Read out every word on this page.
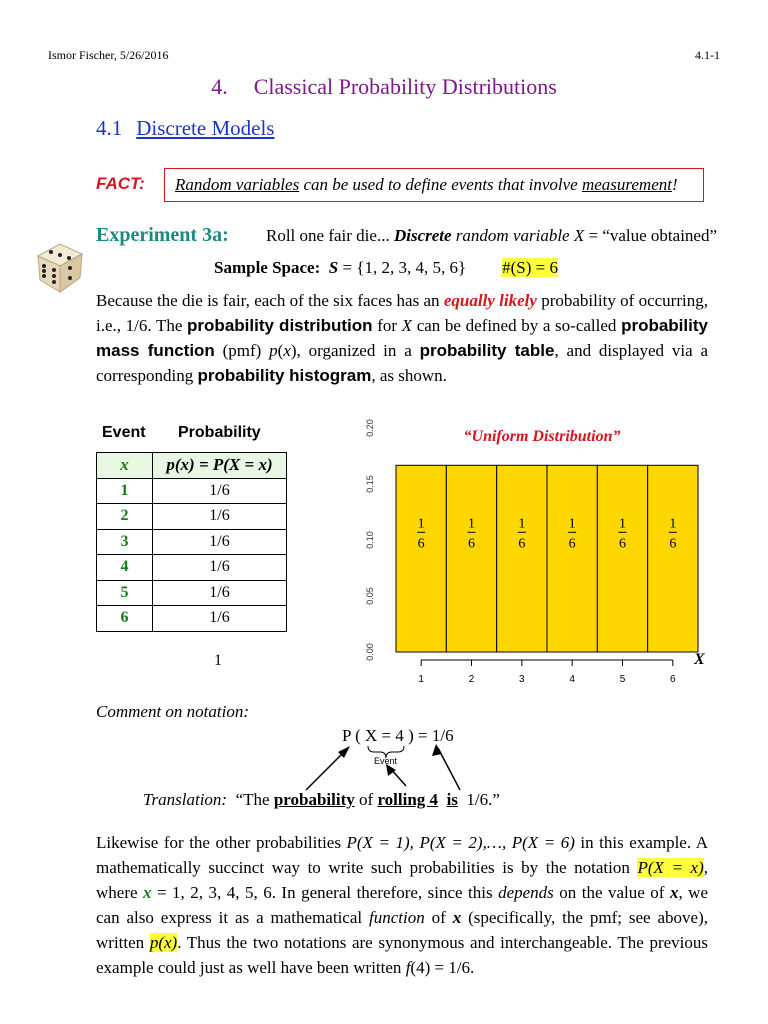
Ismor Fischer, 5/26/2016	4.1-1
4. Classical Probability Distributions
4.1 Discrete Models
FACT:	Random variables can be used to define events that involve measurement!
Experiment 3a: Roll one fair die... Discrete random variable X = “value obtained”
Sample Space: S = {1, 2, 3, 4, 5, 6} #(S) = 6
Because the die is fair, each of the six faces has an equally likely probability of occurring, i.e., 1/6. The probability distribution for X can be defined by a so-called probability mass function (pmf) p(x), organized in a probability table, and displayed via a corresponding probability histogram, as shown.
Event Probability
x	p(x) = P(X = x)
1	1/6
2	1/6
3	1/6
4	1/6
5	1/6
6	1/6
1
“Uniform Distribution”
0.00
0.05
0.10
0.15
0.20
1
6
1
6
1
6
1
6
1
6
1
6
1	2	3	4	5	6
X
Comment on notation:
P ( X = 4 ) = 1/6
Event
Translation: “The probability of rolling 4 is 1/6.”
Likewise for the other probabilities P(X = 1), P(X = 2),…, P(X = 6) in this example. A mathematically succinct way to write such probabilities is by the notation P(X = x), where x = 1, 2, 3, 4, 5, 6. In general therefore, since this depends on the value of x, we can also express it as a mathematical function of x (specifically, the pmf; see above), written p(x). Thus the two notations are synonymous and interchangeable. The previous example could just as well have been written f(4) = 1/6.
